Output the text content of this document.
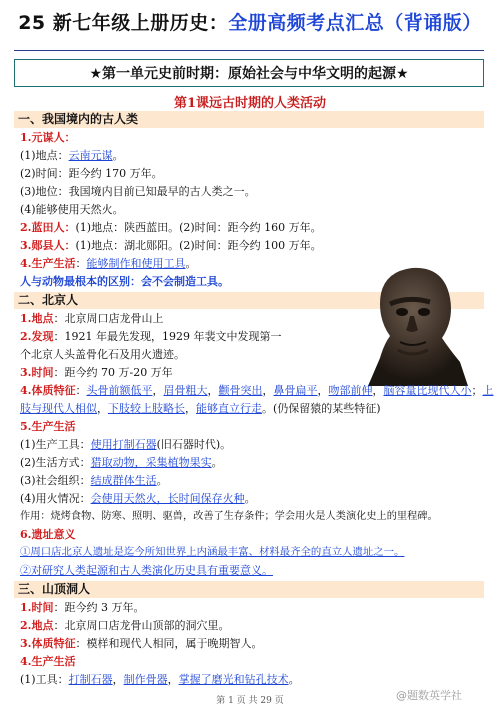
25 新七年级上册历史：全册高频考点汇总（背诵版）
★第一单元史前时期：原始社会与中华文明的起源★
第1课远古时期的人类活动
一、我国境内的古人类
1.元谋人：
(1)地点：云南元谋。
(2)时间：距今约 170 万年。
(3)地位：我国境内目前已知最早的古人类之一。
(4)能够使用天然火。
2.蓝田人：(1)地点：陕西蓝田。(2)时间：距今约 160 万年。
3.郧县人：(1)地点：湖北郧阳。(2)时间：距今约 100 万年。
4.生产生活：能够制作和使用工具。
人与动物最根本的区别：会不会制造工具。
二、北京人
1.地点：北京周口店龙骨山上
2.发现：1921 年最先发现，1929 年裴文中发现第一
个北京人头盖骨化石及用火遗迹。
3.时间：距今约 70 万-20 万年
4.体质特征：头骨前额低平，眉骨粗大，颧骨突出，鼻骨扁平，吻部前伸，脑容量比现代人小；上
肢与现代人相似，下肢较上肢略长，能够直立行走。(仍保留猿的某些特征)
5.生产生活
(1)生产工具：使用打制石器(旧石器时代)。
(2)生活方式：猎取动物，采集植物果实。
(3)社会组织：结成群体生活。
(4)用火情况：会使用天然火，长时间保存火种。
作用：烧烤食物、防寒、照明、驱兽，改善了生存条件；学会用火是人类演化史上的里程碑。
6.遗址意义
①周口店北京人遗址是迄今所知世界上内涵最丰富、材料最齐全的直立人遗址之一。
②对研究人类起源和古人类演化历史具有重要意义。
三、山顶洞人
1.时间：距今约 3 万年。
2.地点：北京周口店龙骨山顶部的洞穴里。
3.体质特征：模样和现代人相同，属于晚期智人。
4.生产生活
(1)工具：打制石器，制作骨器，掌握了磨光和钻孔技术。
第 1 页 共 29 页	@题数英学社
